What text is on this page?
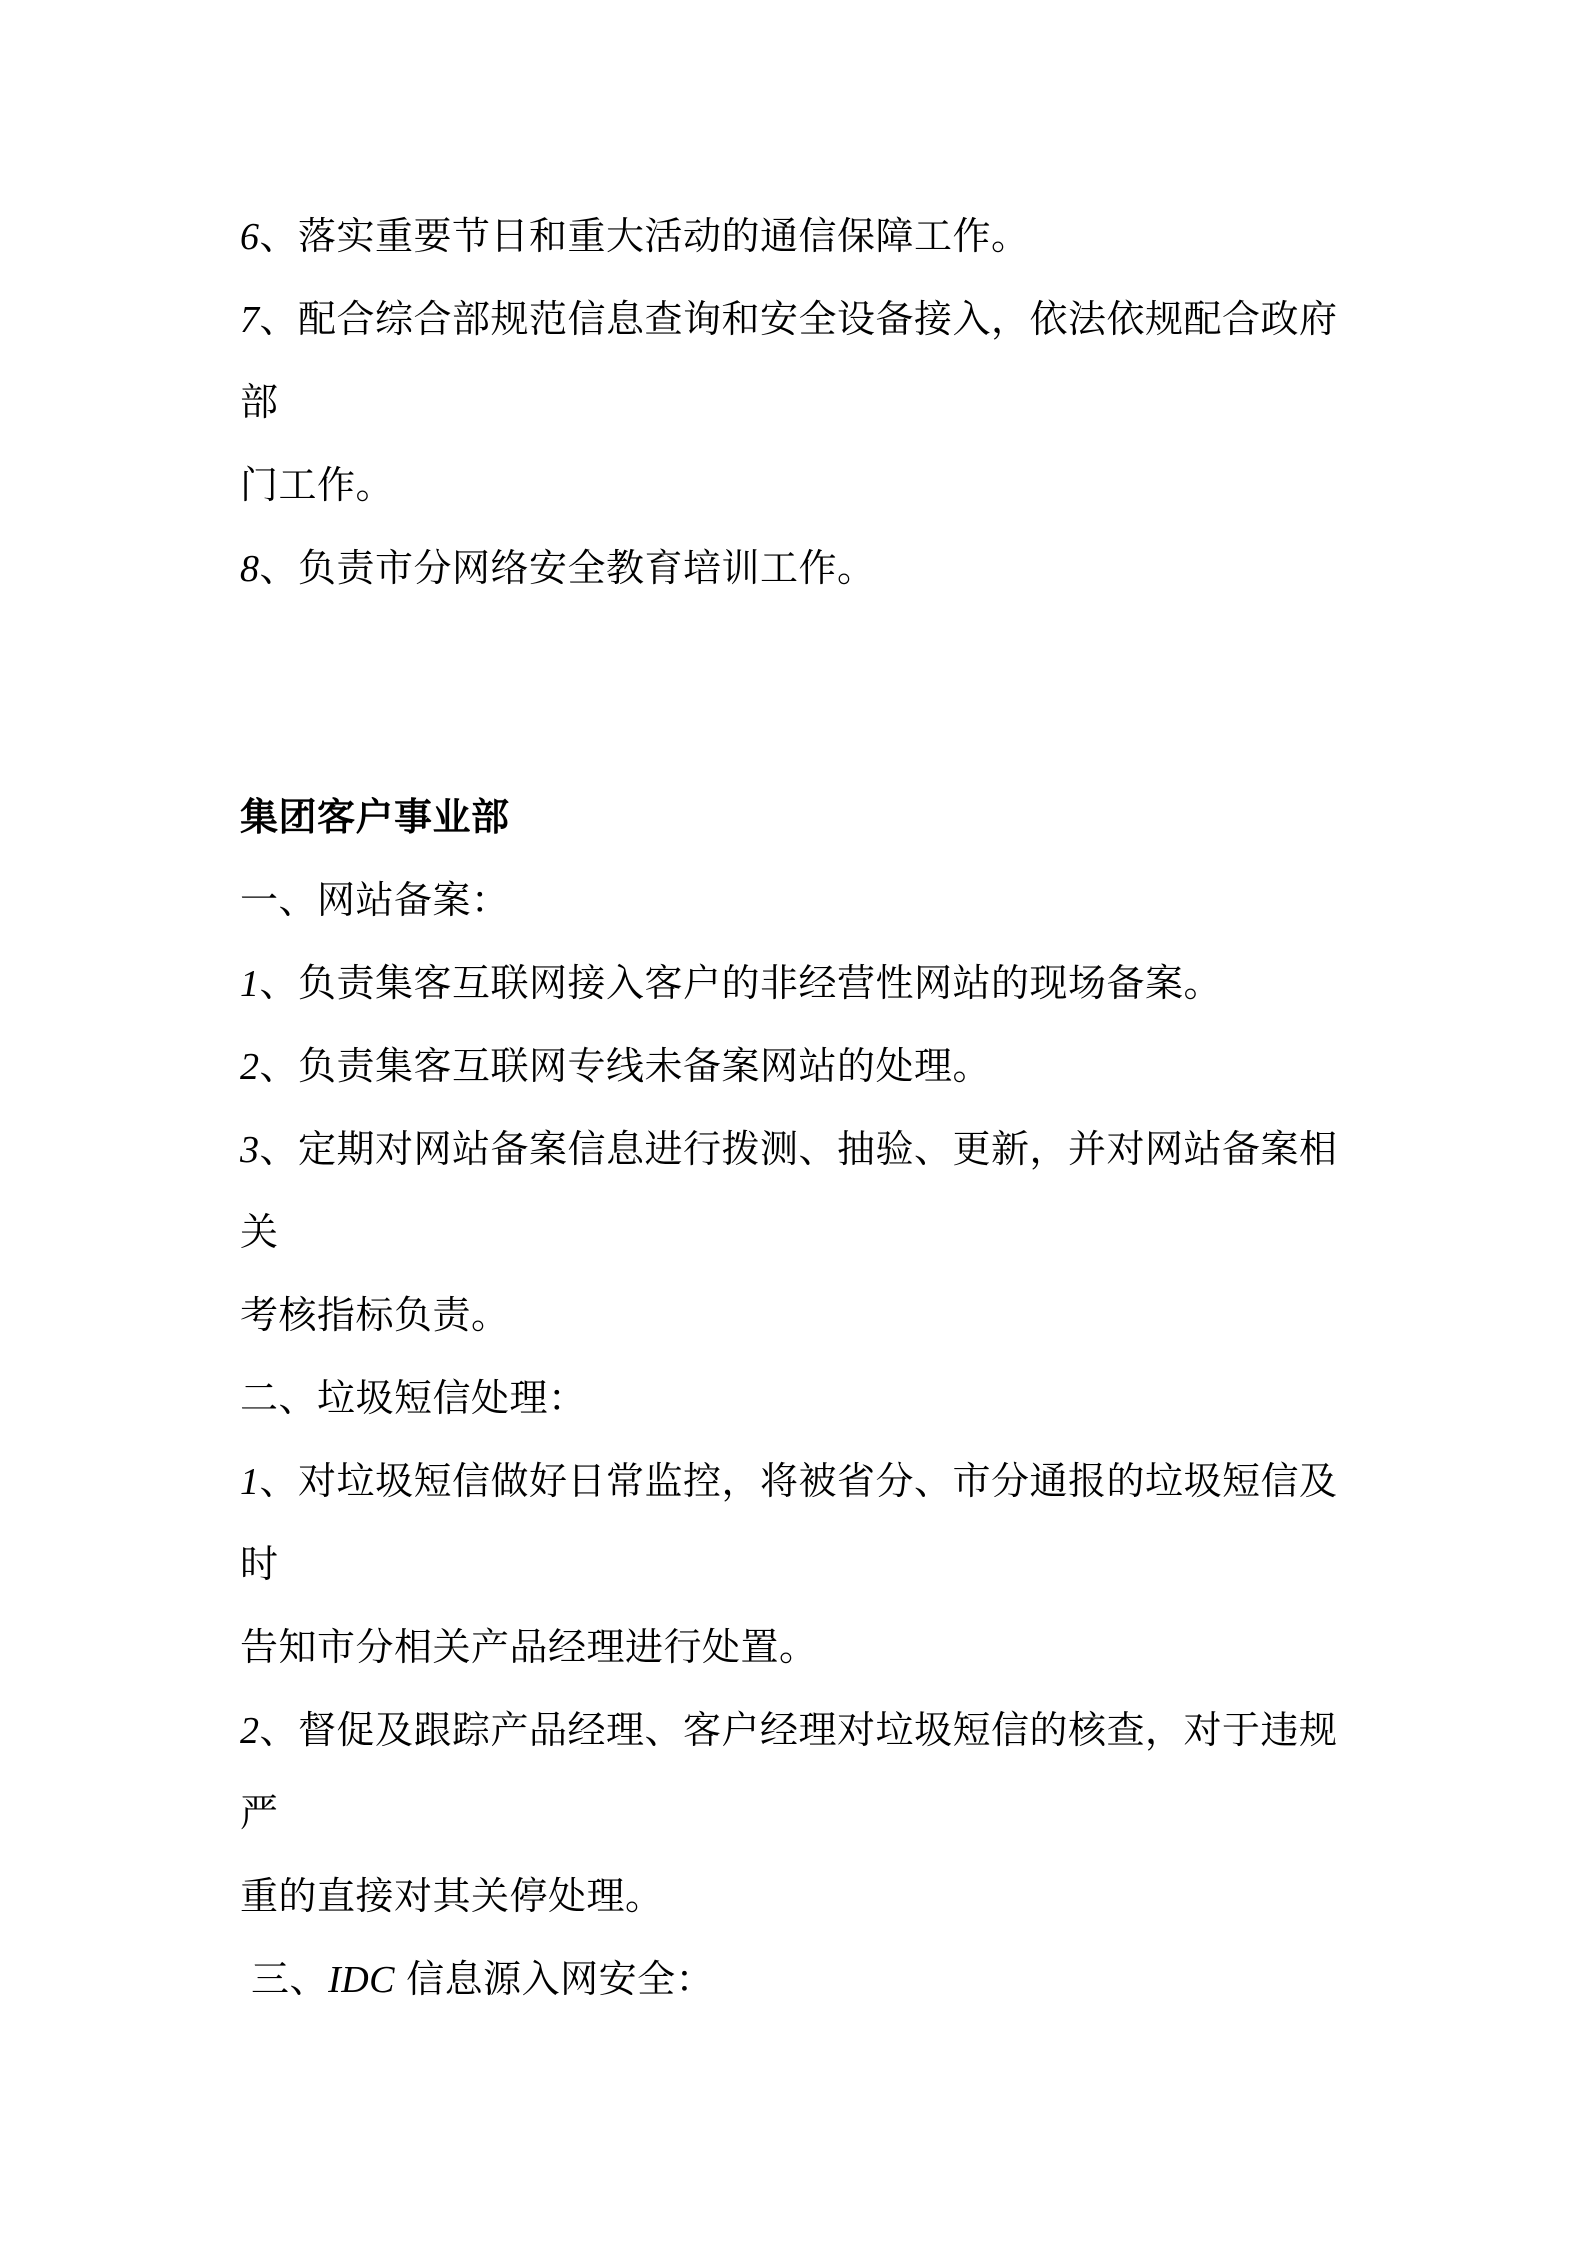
6、落实重要节日和重大活动的通信保障工作。
7、配合综合部规范信息查询和安全设备接入，依法依规配合政府
部
门工作。
8、负责市分网络安全教育培训工作。
集团客户事业部
一、网站备案：
1、负责集客互联网接入客户的非经营性网站的现场备案。
2、负责集客互联网专线未备案网站的处理。
3、定期对网站备案信息进行拨测、抽验、更新，并对网站备案相
关
考核指标负责。
二、垃圾短信处理：
1、对垃圾短信做好日常监控，将被省分、市分通报的垃圾短信及
时
告知市分相关产品经理进行处置。
2、督促及跟踪产品经理、客户经理对垃圾短信的核查，对于违规
严
重的直接对其关停处理。
三、IDC 信息源入网安全：
